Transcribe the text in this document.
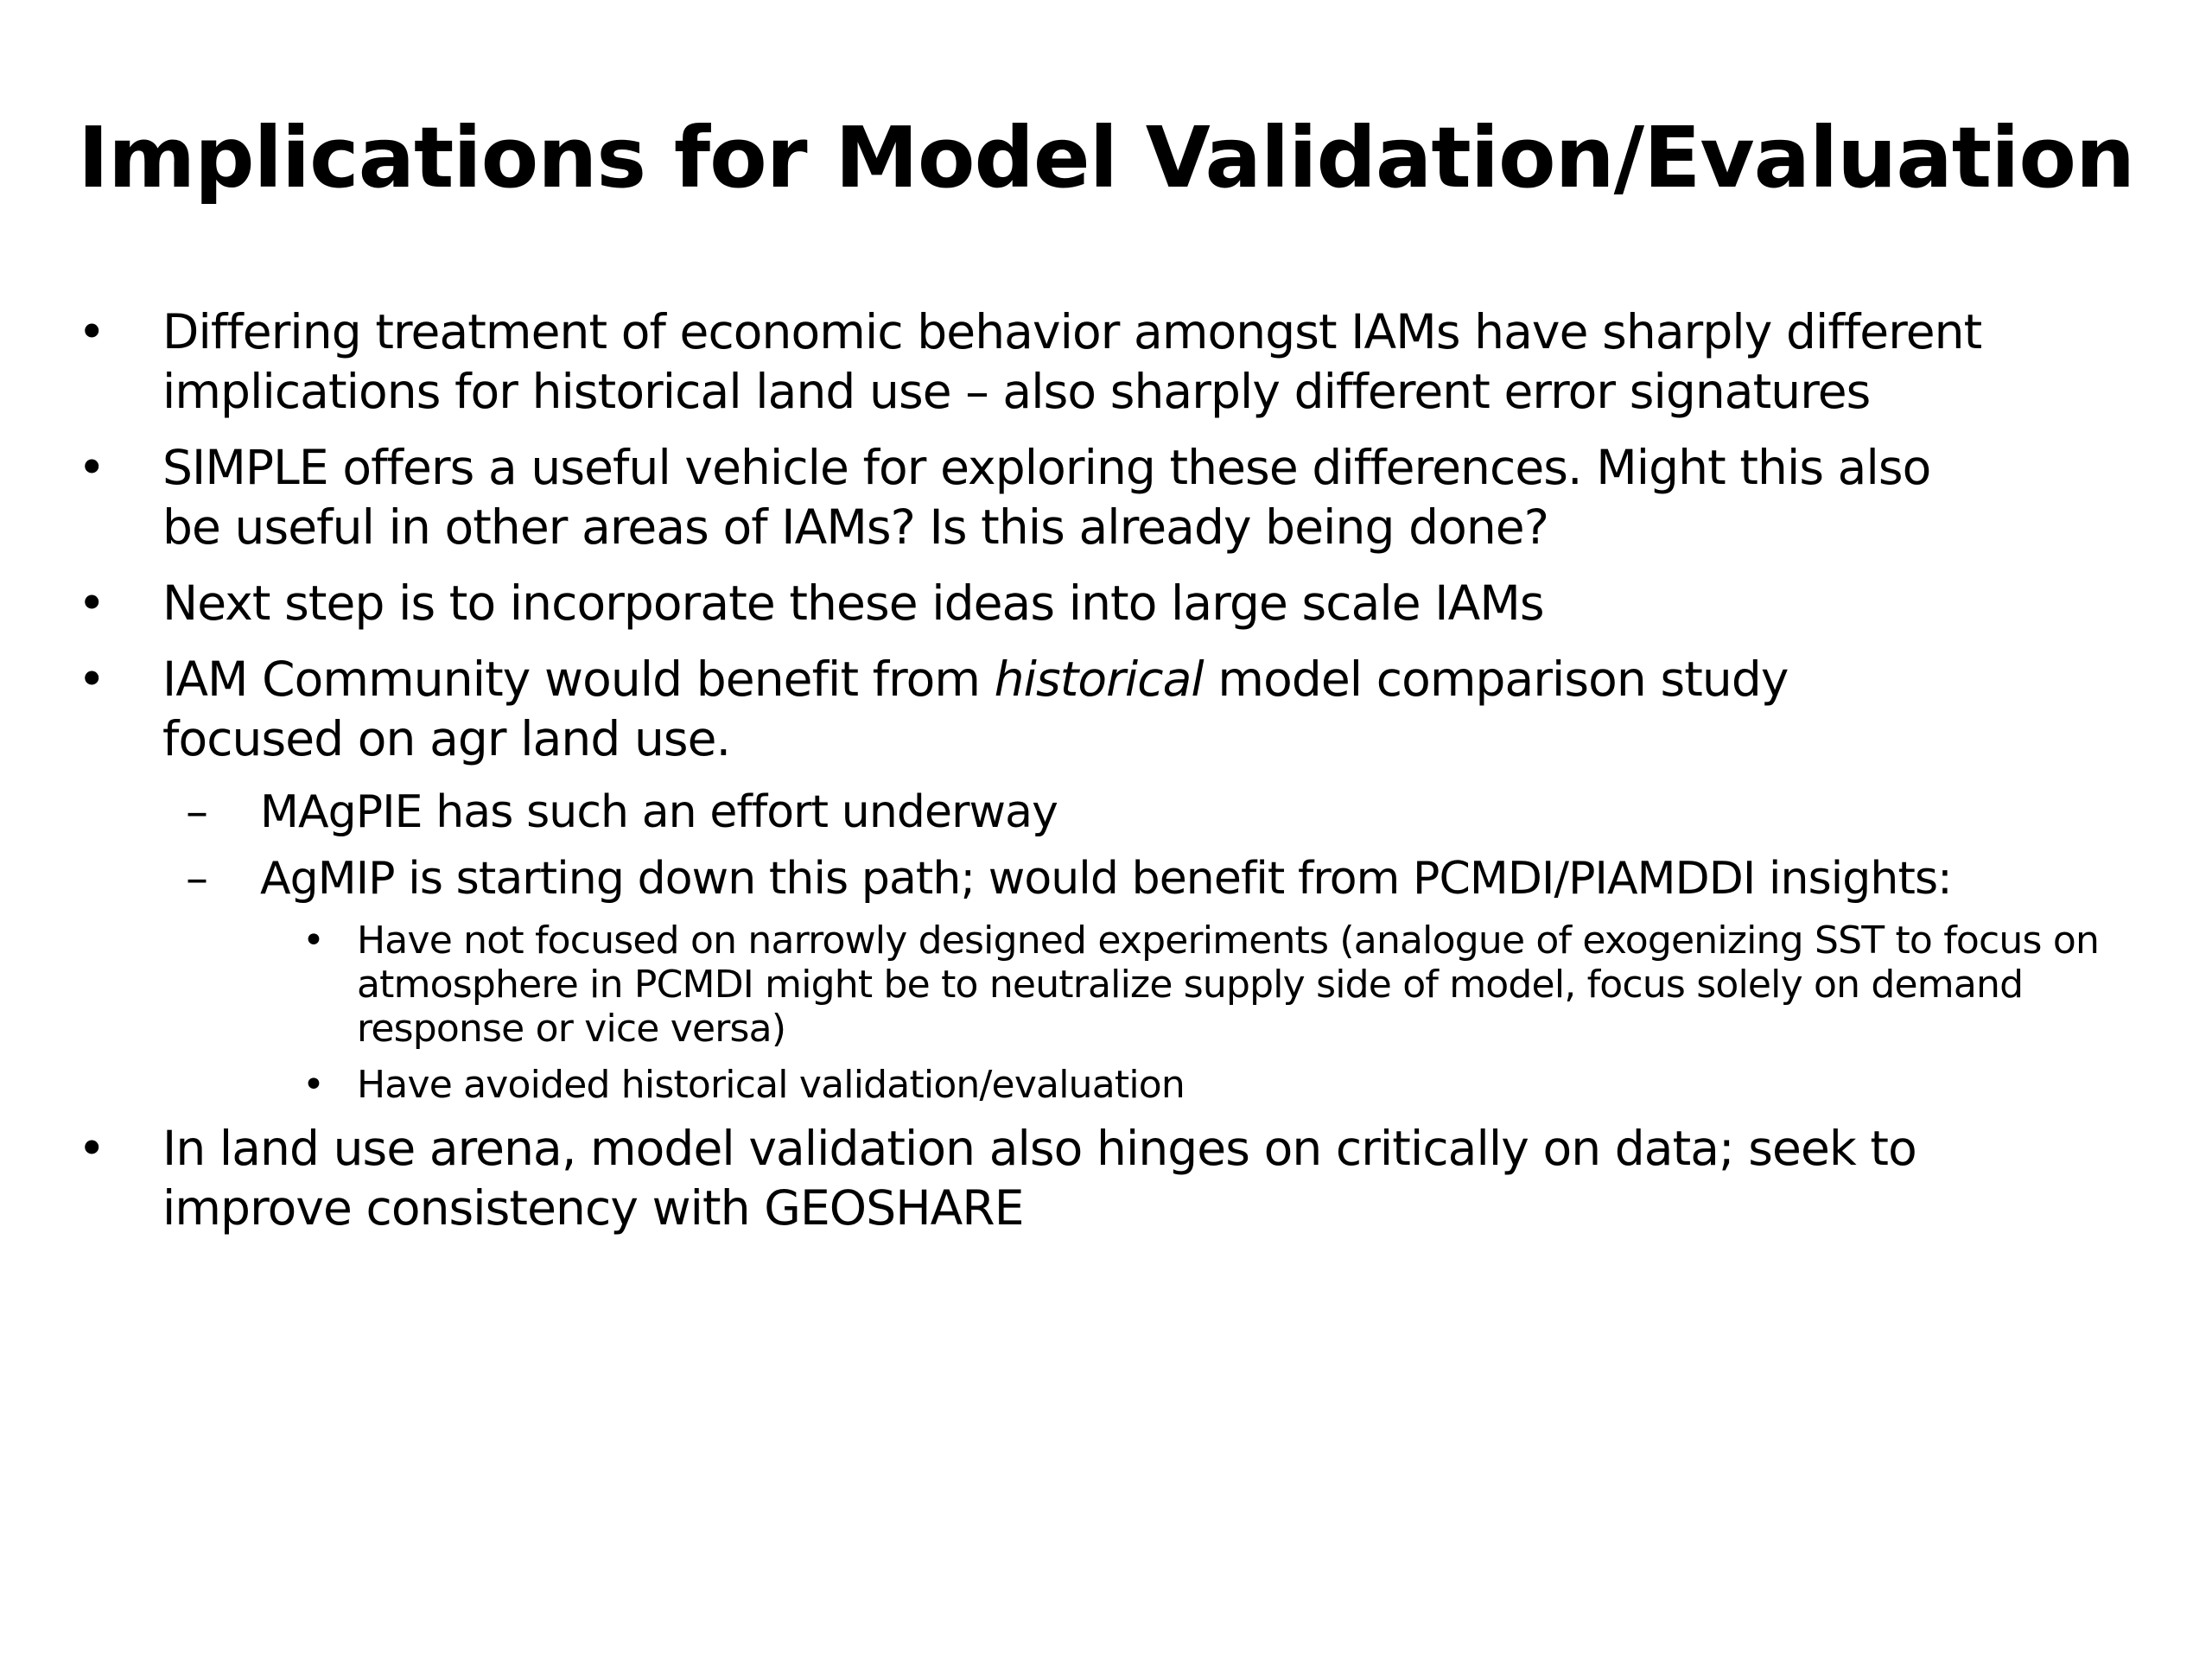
Implications for Model Validation/Evaluation
• Differing treatment of economic behavior amongst IAMs have sharply different
implications for historical land use – also sharply different error signatures
• SIMPLE offers a useful vehicle for exploring these differences. Might this also
be useful in other areas of IAMs? Is this already being done?
• Next step is to incorporate these ideas into large scale IAMs
• IAM Community would benefit from historical model comparison study
focused on agr land use.
– MAgPIE has such an effort underway
– AgMIP is starting down this path; would benefit from PCMDI/PIAMDDI insights:
• Have not focused on narrowly designed experiments (analogue of exogenizing SST to focus on
atmosphere in PCMDI might be to neutralize supply side of model, focus solely on demand
response or vice versa)
• Have avoided historical validation/evaluation
• In land use arena, model validation also hinges on critically on data; seek to
improve consistency with GEOSHARE
